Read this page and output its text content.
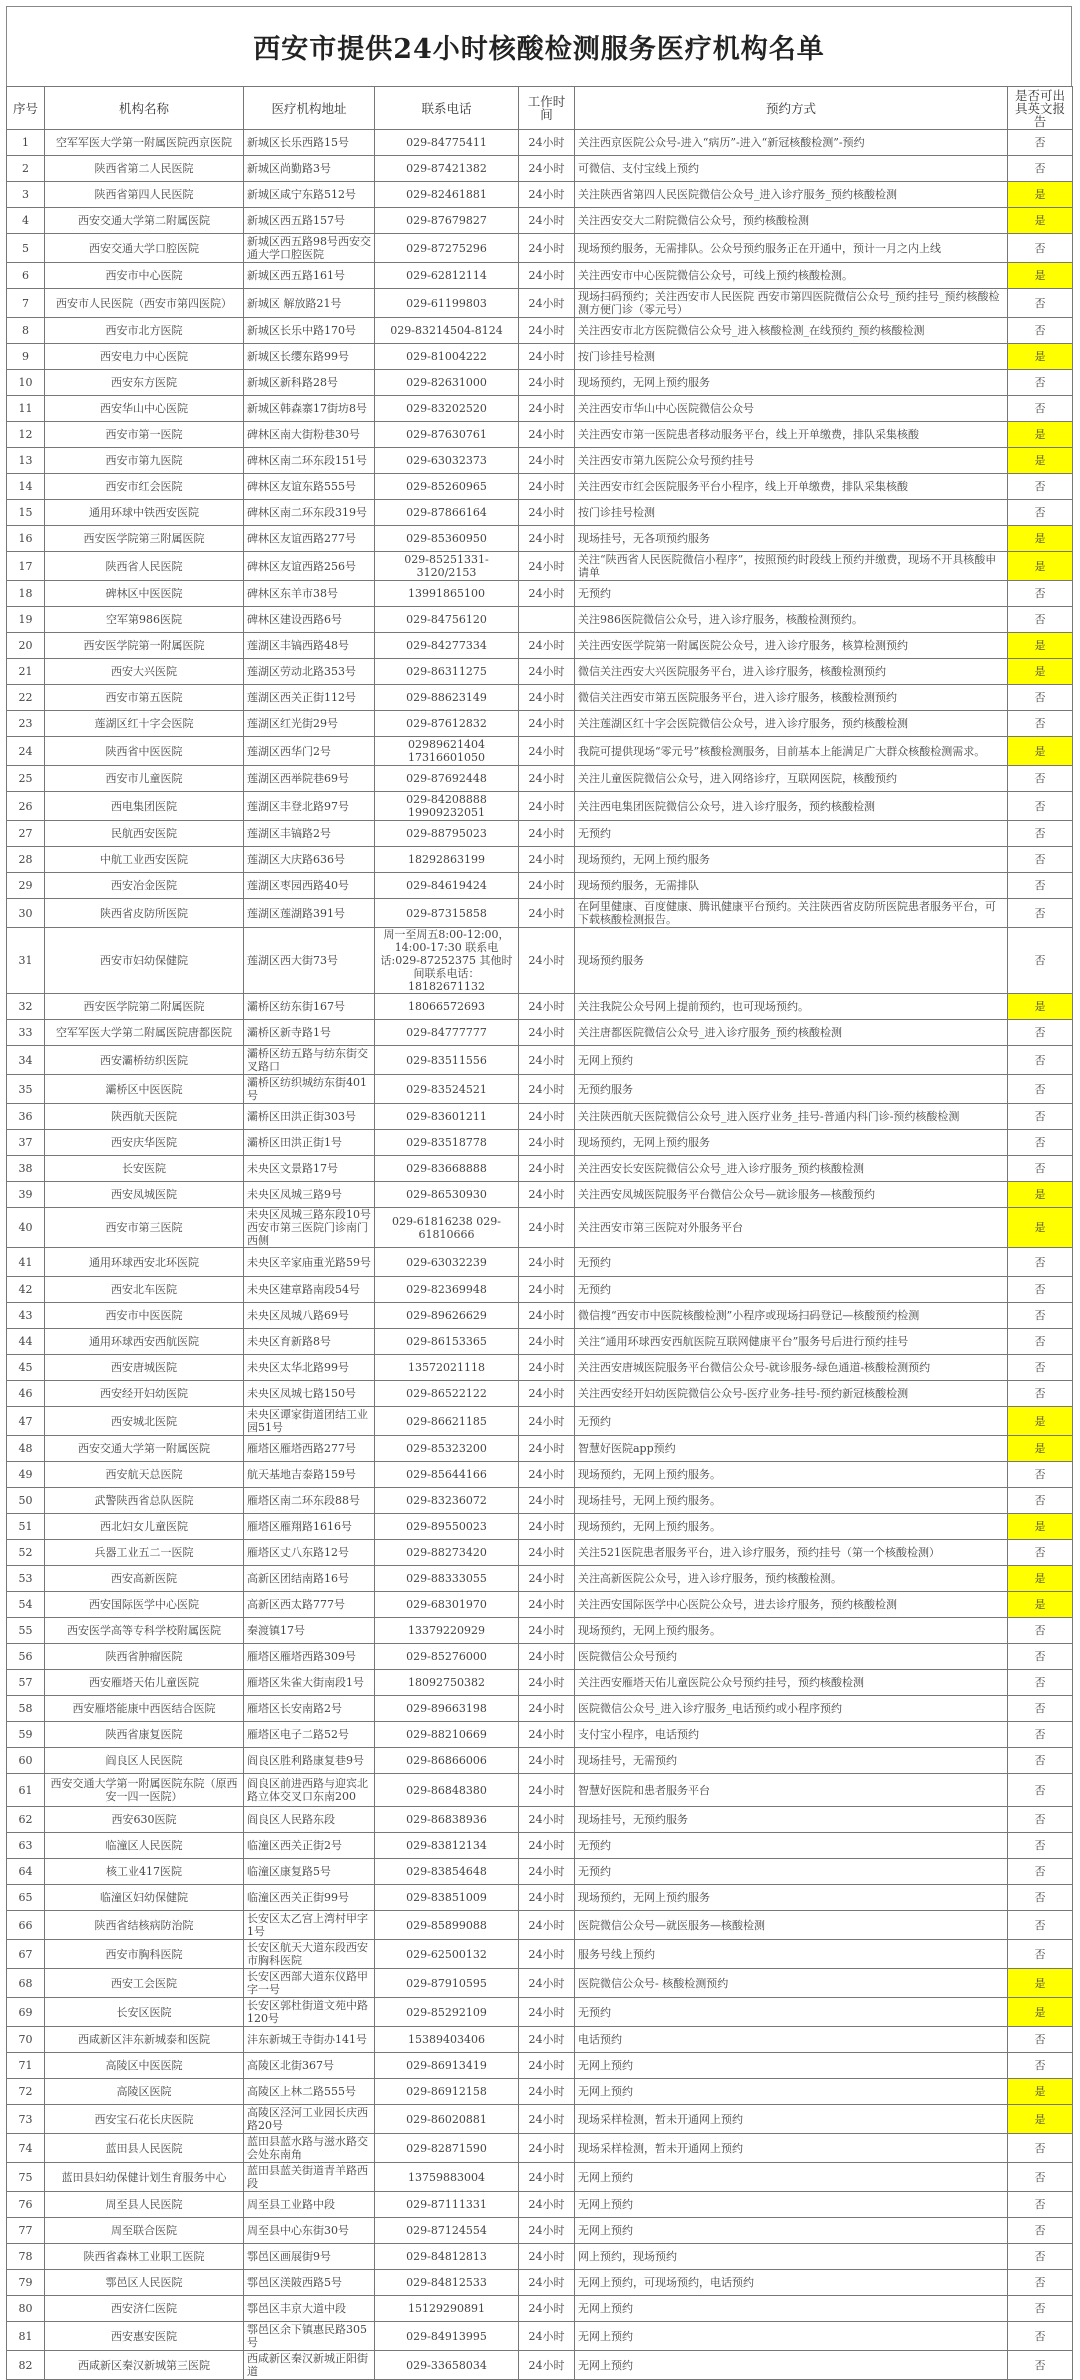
西安市提供24小时核酸检测服务医疗机构名单
序号	机构名称	医疗机构地址	联系电话	工作时间	预约方式	是否可出具英文报告
1	空军军医大学第一附属医院西京医院	新城区长乐西路15号	029-84775411	24小时	关注西京医院公众号-进入“病历”-进入“新冠核酸检测”-预约	否
2	陕西省第二人民医院	新城区尚勤路3号	029-87421382	24小时	可微信、支付宝线上预约	否
3	陕西省第四人民医院	新城区咸宁东路512号	029-82461881	24小时	关注陕西省第四人民医院微信公众号_进入诊疗服务_预约核酸检测	是
4	西安交通大学第二附属医院	新城区西五路157号	029-87679827	24小时	关注西安交大二附院微信公众号，预约核酸检测	是
5	西安交通大学口腔医院	新城区西五路98号西安交通大学口腔医院	029-87275296	24小时	现场预约服务，无需排队。公众号预约服务正在开通中，预计一月之内上线	否
6	西安市中心医院	新城区西五路161号	029-62812114	24小时	关注西安市中心医院微信公众号，可线上预约核酸检测。	是
7	西安市人民医院（西安市第四医院）	新城区 解放路21号	029-61199803	24小时	现场扫码预约；关注西安市人民医院 西安市第四医院微信公众号_预约挂号_预约核酸检测方便门诊（零元号）	否
8	西安市北方医院	新城区长乐中路170号	029-83214504-8124	24小时	关注西安市北方医院微信公众号_进入核酸检测_在线预约_预约核酸检测	否
9	西安电力中心医院	新城区长缨东路99号	029-81004222	24小时	按门诊挂号检测	是
10	西安东方医院	新城区新科路28号	029-82631000	24小时	现场预约，无网上预约服务	否
11	西安华山中心医院	新城区韩森寨17街坊8号	029-83202520	24小时	关注西安市华山中心医院微信公众号	否
12	西安市第一医院	碑林区南大街粉巷30号	029-87630761	24小时	关注西安市第一医院患者移动服务平台，线上开单缴费，排队采集核酸	是
13	西安市第九医院	碑林区南二环东段151号	029-63032373	24小时	关注西安市第九医院公众号预约挂号	是
14	西安市红会医院	碑林区友谊东路555号	029-85260965	24小时	关注西安市红会医院服务平台小程序，线上开单缴费，排队采集核酸	否
15	通用环球中铁西安医院	碑林区南二环东段319号	029-87866164	24小时	按门诊挂号检测	否
16	西安医学院第三附属医院	碑林区友谊西路277号	029-85360950	24小时	现场挂号，无各项预约服务	是
17	陕西省人民医院	碑林区友谊西路256号	029-85251331-3120/2153	24小时	关注“陕西省人民医院微信小程序”，按照预约时段线上预约并缴费，现场不开具核酸申请单	是
18	碑林区中医医院	碑林区东羊市38号	13991865100	24小时	无预约	否
19	空军第986医院	碑林区建设西路6号	029-84756120		关注986医院微信公众号，进入诊疗服务，核酸检测预约。	否
20	西安医学院第一附属医院	莲湖区丰镐西路48号	029-84277334	24小时	关注西安医学院第一附属医院公众号，进入诊疗服务，核算检测预约	是
21	西安大兴医院	莲湖区劳动北路353号	029-86311275	24小时	微信关注西安大兴医院服务平台，进入诊疗服务，核酸检测预约	是
22	西安市第五医院	莲湖区西关正街112号	029-88623149	24小时	微信关注西安市第五医院服务平台，进入诊疗服务，核酸检测预约	否
23	莲湖区红十字会医院	莲湖区红光街29号	029-87612832	24小时	关注莲湖区红十字会医院微信公众号，进入诊疗服务，预约核酸检测	否
24	陕西省中医医院	莲湖区西华门2号	02989621404 17316601050	24小时	我院可提供现场“零元号”核酸检测服务，目前基本上能满足广大群众核酸检测需求。	是
25	西安市儿童医院	莲湖区西举院巷69号	029-87692448	24小时	关注儿童医院微信公众号，进入网络诊疗，互联网医院，核酸预约	否
26	西电集团医院	莲湖区丰登北路97号	029-84208888 19909232051	24小时	关注西电集团医院微信公众号，进入诊疗服务，预约核酸检测	否
27	民航西安医院	莲湖区丰镐路2号	029-88795023	24小时	无预约	否
28	中航工业西安医院	莲湖区大庆路636号	18292863199	24小时	现场预约，无网上预约服务	否
29	西安冶金医院	莲湖区枣园西路40号	029-84619424	24小时	现场预约服务，无需排队	否
30	陕西省皮防所医院	莲湖区莲湖路391号	029-87315858	24小时	在阿里健康、百度健康、腾讯健康平台预约。关注陕西省皮防所医院患者服务平台，可下载核酸检测报告。	否
31	西安市妇幼保健院	莲湖区西大街73号	周一至周五8:00-12:00，14:00-17:30 联系电话:029-87252375 其他时间联系电话：18182671132	24小时	现场预约服务	否
32	西安医学院第二附属医院	灞桥区纺东街167号	18066572693	24小时	关注我院公众号网上提前预约，也可现场预约。	是
33	空军军医大学第二附属医院唐都医院	灞桥区新寺路1号	029-84777777	24小时	关注唐都医院微信公众号_进入诊疗服务_预约核酸检测	否
34	西安灞桥纺织医院	灞桥区纺五路与纺东街交叉路口	029-83511556	24小时	无网上预约	否
35	灞桥区中医医院	灞桥区纺织城纺东街401号	029-83524521	24小时	无预约服务	否
36	陕西航天医院	灞桥区田洪正街303号	029-83601211	24小时	关注陕西航天医院微信公众号_进入医疗业务_挂号-普通内科门诊-预约核酸检测	否
37	西安庆华医院	灞桥区田洪正街1号	029-83518778	24小时	现场预约，无网上预约服务	否
38	长安医院	未央区文景路17号	029-83668888	24小时	关注西安长安医院微信公众号_进入诊疗服务_预约核酸检测	否
39	西安凤城医院	未央区凤城三路9号	029-86530930	24小时	关注西安凤城医院服务平台微信公众号—就诊服务—核酸预约	是
40	西安市第三医院	未央区凤城三路东段10号西安市第三医院门诊南门西侧	029-61816238 029-61810666	24小时	关注西安市第三医院对外服务平台	是
41	通用环球西安北环医院	未央区辛家庙重光路59号	029-63032239	24小时	无预约	否
42	西安北车医院	未央区建章路南段54号	029-82369948	24小时	无预约	否
43	西安市中医医院	未央区凤城八路69号	029-89626629	24小时	微信搜“西安市中医院核酸检测”小程序或现场扫码登记—核酸预约检测	否
44	通用环球西安西航医院	未央区育新路8号	029-86153365	24小时	关注“通用环球西安西航医院互联网健康平台”服务号后进行预约挂号	否
45	西安唐城医院	未央区太华北路99号	13572021118	24小时	关注西安唐城医院服务平台微信公众号-就诊服务-绿色通道-核酸检测预约	否
46	西安经开妇幼医院	未央区凤城七路150号	029-86522122	24小时	关注西安经开妇幼医院微信公众号-医疗业务-挂号-预约新冠核酸检测	否
47	西安城北医院	未央区谭家街道团结工业园51号	029-86621185	24小时	无预约	是
48	西安交通大学第一附属医院	雁塔区雁塔西路277号	029-85323200	24小时	智慧好医院app预约	是
49	西安航天总医院	航天基地吉泰路159号	029-85644166	24小时	现场预约，无网上预约服务。	否
50	武警陕西省总队医院	雁塔区南二环东段88号	029-83236072	24小时	现场挂号，无网上预约服务。	否
51	西北妇女儿童医院	雁塔区雁翔路1616号	029-89550023	24小时	现场预约，无网上预约服务。	是
52	兵器工业五二一医院	雁塔区丈八东路12号	029-88273420	24小时	关注521医院患者服务平台，进入诊疗服务，预约挂号（第一个核酸检测）	否
53	西安高新医院	高新区团结南路16号	029-88333055	24小时	关注高新医院公众号，进入诊疗服务，预约核酸检测。	是
54	西安国际医学中心医院	高新区西太路777号	029-68301970	24小时	关注西安国际医学中心医院公众号，进去诊疗服务，预约核酸检测	是
55	西安医学高等专科学校附属医院	秦渡镇17号	13379220929	24小时	现场预约，无网上预约服务。	否
56	陕西省肿瘤医院	雁塔区雁塔西路309号	029-85276000	24小时	医院微信公众号预约	否
57	西安雁塔天佑儿童医院	雁塔区朱雀大街南段1号	18092750382	24小时	关注西安雁塔天佑儿童医院公众号预约挂号，预约核酸检测	否
58	西安雁塔能康中西医结合医院	雁塔区长安南路2号	029-89663198	24小时	医院微信公众号_进入诊疗服务_电话预约或小程序预约	否
59	陕西省康复医院	雁塔区电子二路52号	029-88210669	24小时	支付宝小程序，电话预约	否
60	阎良区人民医院	阎良区胜利路康复巷9号	029-86866006	24小时	现场挂号，无需预约	否
61	西安交通大学第一附属医院东院（原西安一四一医院）	阎良区前进西路与迎宾北路立体交叉口东南200	029-86848380	24小时	智慧好医院和患者服务平台	否
62	西安630医院	阎良区人民路东段	029-86838936	24小时	现场挂号，无预约服务	否
63	临潼区人民医院	临潼区西关正街2号	029-83812134	24小时	无预约	否
64	核工业417医院	临潼区康复路5号	029-83854648	24小时	无预约	否
65	临潼区妇幼保健院	临潼区西关正街99号	029-83851009	24小时	现场预约，无网上预约服务	否
66	陕西省结核病防治院	长安区太乙宫上湾村甲字1号	029-85899088	24小时	医院微信公众号—就医服务—核酸检测	否
67	西安市胸科医院	长安区航天大道东段西安市胸科医院	029-62500132	24小时	服务号线上预约	否
68	西安工会医院	长安区西部大道东仪路甲字一号	029-87910595	24小时	医院微信公众号- 核酸检测预约	是
69	长安区医院	长安区郭杜街道文苑中路120号	029-85292109	24小时	无预约	是
70	西咸新区沣东新城泰和医院	沣东新城王寺街办141号	15389403406	24小时	电话预约	否
71	高陵区中医医院	高陵区北街367号	029-86913419	24小时	无网上预约	否
72	高陵区医院	高陵区上林二路555号	029-86912158	24小时	无网上预约	是
73	西安宝石花长庆医院	高陵区泾河工业园长庆西路20号	029-86020881	24小时	现场采样检测，暂未开通网上预约	是
74	蓝田县人民医院	蓝田县蓝水路与滋水路交会处东南角	029-82871590	24小时	现场采样检测，暂未开通网上预约	否
75	蓝田县妇幼保健计划生育服务中心	蓝田县蓝关街道青羊路西段	13759883004	24小时	无网上预约	否
76	周至县人民医院	周至县工业路中段	029-87111331	24小时	无网上预约	否
77	周至联合医院	周至县中心东街30号	029-87124554	24小时	无网上预约	否
78	陕西省森林工业职工医院	鄠邑区画展街9号	029-84812813	24小时	网上预约，现场预约	否
79	鄠邑区人民医院	鄠邑区渼陂西路5号	029-84812533	24小时	无网上预约，可现场预约，电话预约	否
80	西安济仁医院	鄠邑区丰京大道中段	15129290891	24小时	无网上预约	否
81	西安惠安医院	鄠邑区余下镇惠民路305号	029-84913995	24小时	无网上预约	否
82	西咸新区秦汉新城第三医院	西咸新区秦汉新城正阳街道	029-33658034	24小时	无网上预约	否
